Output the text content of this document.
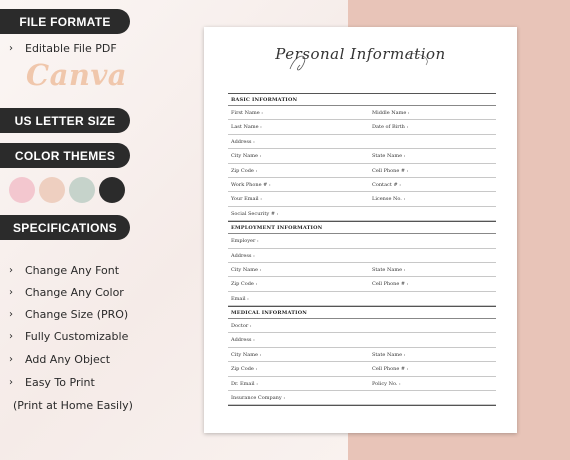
FILE FORMATE
›	Editable File PDF
Canva
US LETTER SIZE
COLOR THEMES
SPECIFICATIONS
›	Change Any Font
›	Change Any Color
›	Change Size (PRO)
›	Fully Customizable
›	Add Any Object
›	Easy To Print
(Print at Home Easily)
Personal Information
BASIC INFORMATION
First Name :	Middle Name :
Last Name :	Date of Birth :
Address :
City Name :	State Name :
Zip Code :	Cell Phone # :
Work Phone # :	Contact # :
Your Email :	License No. :
Social Security # :
EMPLOYMENT INFORMATION
Employer :
Address :
City Name :	State Name :
Zip Code :	Cell Phone # :
Email :
MEDICAL INFORMATION
Doctor :
Address :
City Name :	State Name :
Zip Code :	Cell Phone # :
Dr. Email :	Policy No. :
Insurance Company :
